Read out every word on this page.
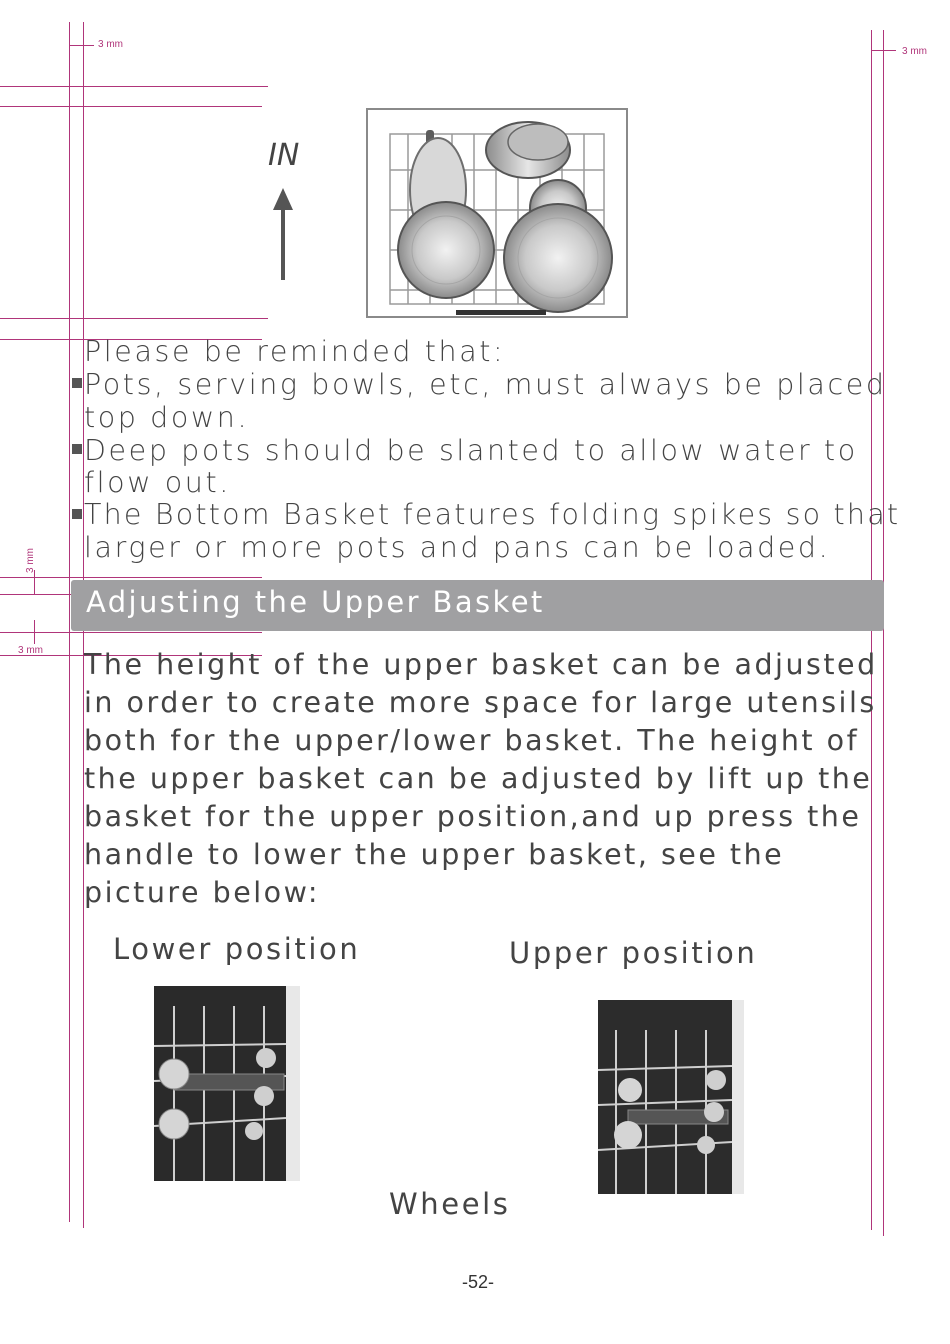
3 mm
3 mm
3 mm
3 mm
IN
Please be reminded that:
Pots, serving bowls, etc, must always be placed
top down.
Deep pots should be slanted to allow water to
flow out.
The Bottom Basket features folding spikes so that
larger or more pots and pans can be loaded.
Adjusting the Upper Basket
The height of the upper basket can be adjusted
in order to create more space for large utensils
both for the upper/lower basket. The height of
the upper basket can be adjusted by lift up the
basket for the upper position,and up press the
handle to lower the upper basket, see the
picture below:
Lower position	Upper position
Wheels
-52-
